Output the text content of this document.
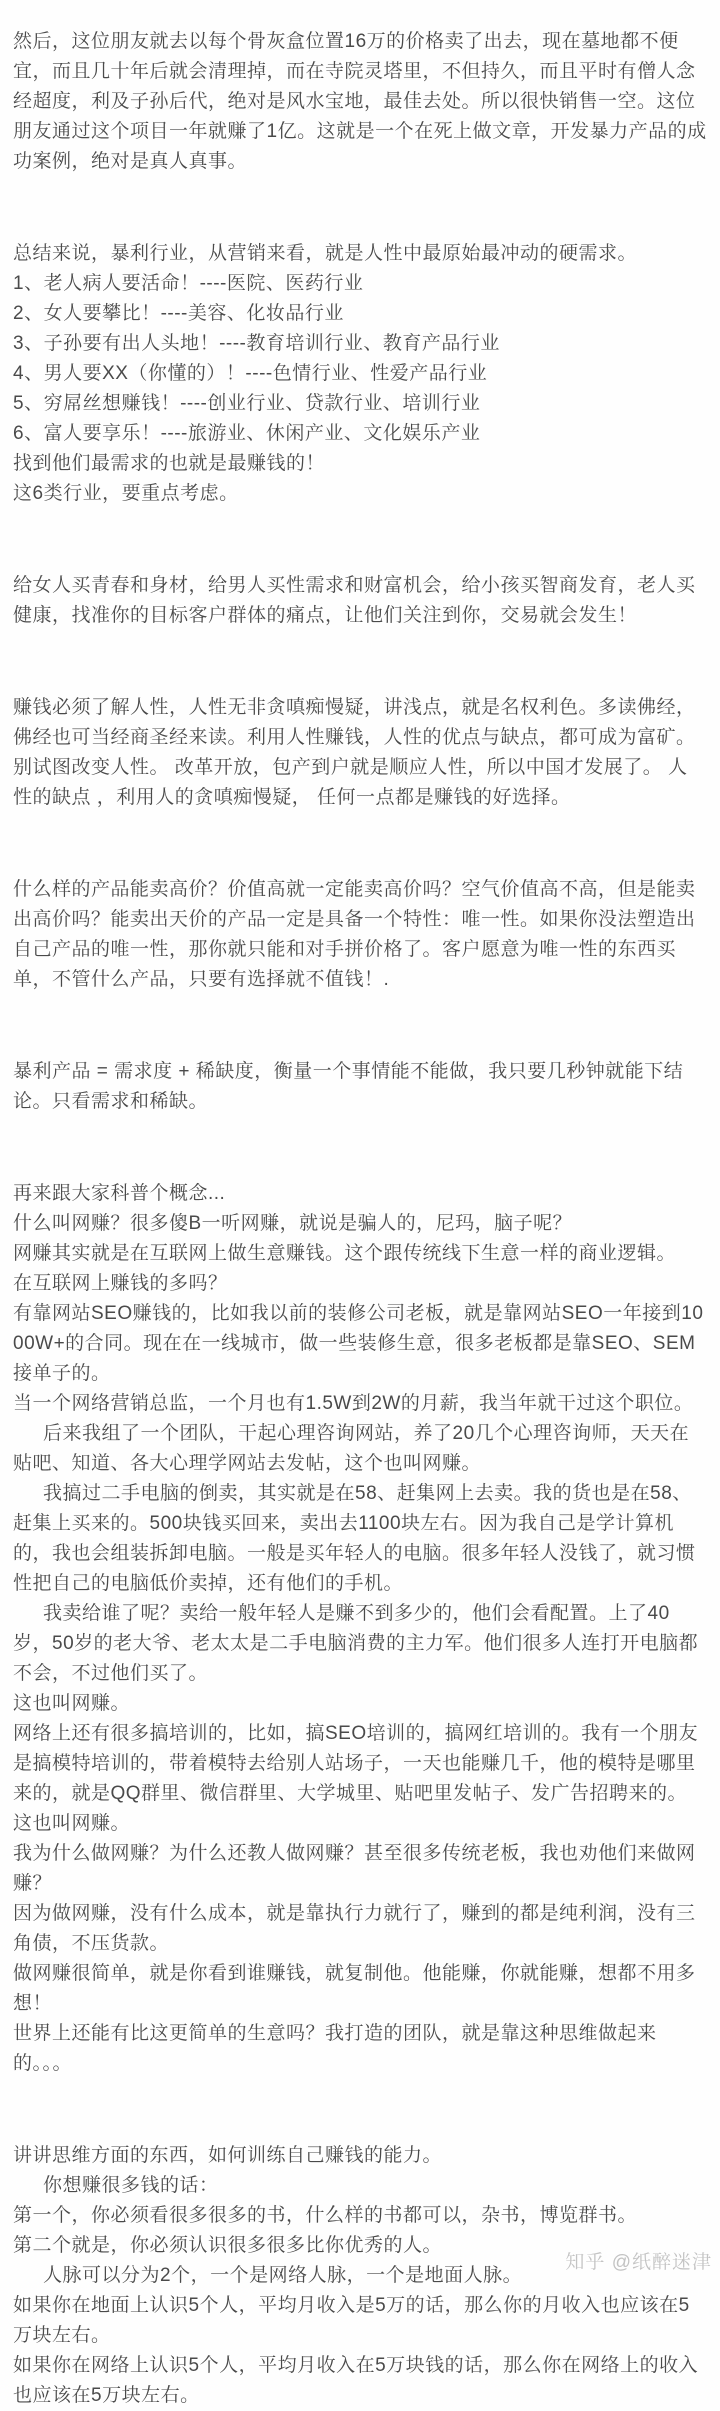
然后，这位朋友就去以每个骨灰盒位置16万的价格卖了出去，现在墓地都不便宜，而且几十年后就会清理掉，而在寺院灵塔里，不但持久，而且平时有僧人念经超度，利及子孙后代，绝对是风水宝地，最佳去处。所以很快销售一空。这位朋友通过这个项目一年就赚了1亿。这就是一个在死上做文章，开发暴力产品的成功案例，绝对是真人真事。

总结来说，暴利行业，从营销来看，就是人性中最原始最冲动的硬需求。

1、老人病人要活命！----医院、医药行业

2、女人要攀比！----美容、化妆品行业

3、子孙要有出人头地！----教育培训行业、教育产品行业

4、男人要XX（你懂的）！----色情行业、性爱产品行业

5、穷屌丝想赚钱！----创业行业、贷款行业、培训行业

6、富人要享乐！----旅游业、休闲产业、文化娱乐产业

找到他们最需求的也就是最赚钱的！

这6类行业，要重点考虑。

给女人买青春和身材，给男人买性需求和财富机会，给小孩买智商发育，老人买健康，找准你的目标客户群体的痛点，让他们关注到你，交易就会发生！

赚钱必须了解人性，人性无非贪嗔痴慢疑，讲浅点，就是名权利色。多读佛经，佛经也可当经商圣经来读。利用人性赚钱，人性的优点与缺点，都可成为富矿。 别试图改变人性。 改革开放，包产到户就是顺应人性，所以中国才发展了。 人性的缺点 ，利用人的贪嗔痴慢疑， 任何一点都是赚钱的好选择。

什么样的产品能卖高价？价值高就一定能卖高价吗？空气价值高不高，但是能卖出高价吗？能卖出天价的产品一定是具备一个特性：唯一性。如果你没法塑造出自己产品的唯一性，那你就只能和对手拼价格了。客户愿意为唯一性的东西买单，不管什么产品，只要有选择就不值钱！.

暴利产品 = 需求度 + 稀缺度，衡量一个事情能不能做，我只要几秒钟就能下结论。只看需求和稀缺。

再来跟大家科普个概念...

什么叫网赚？很多傻B一听网赚，就说是骗人的，尼玛，脑子呢？

网赚其实就是在互联网上做生意赚钱。这个跟传统线下生意一样的商业逻辑。

在互联网上赚钱的多吗？

有靠网站SEO赚钱的，比如我以前的装修公司老板，就是靠网站SEO一年接到1000W+的合同。现在在一线城市，做一些装修生意，很多老板都是靠SEO、SEM接单子的。

当一个网络营销总监，一个月也有1.5W到2W的月薪，我当年就干过这个职位。

后来我组了一个团队，干起心理咨询网站，养了20几个心理咨询师，天天在贴吧、知道、各大心理学网站去发帖，这个也叫网赚。

我搞过二手电脑的倒卖，其实就是在58、赶集网上去卖。我的货也是在58、赶集上买来的。500块钱买回来，卖出去1100块左右。因为我自己是学计算机的，我也会组装拆卸电脑。一般是买年轻人的电脑。很多年轻人没钱了，就习惯性把自己的电脑低价卖掉，还有他们的手机。

我卖给谁了呢？卖给一般年轻人是赚不到多少的，他们会看配置。上了40岁，50岁的老大爷、老太太是二手电脑消费的主力军。他们很多人连打开电脑都不会，不过他们买了。

这也叫网赚。

网络上还有很多搞培训的，比如，搞SEO培训的，搞网红培训的。我有一个朋友是搞模特培训的，带着模特去给别人站场子，一天也能赚几千，他的模特是哪里来的，就是QQ群里、微信群里、大学城里、贴吧里发帖子、发广告招聘来的。

这也叫网赚。

我为什么做网赚？为什么还教人做网赚？甚至很多传统老板，我也劝他们来做网赚？

因为做网赚，没有什么成本，就是靠执行力就行了，赚到的都是纯利润，没有三角债，不压货款。

做网赚很简单，就是你看到谁赚钱，就复制他。他能赚，你就能赚，想都不用多想！

世界上还能有比这更简单的生意吗？我打造的团队，就是靠这种思维做起来的。。。

讲讲思维方面的东西，如何训练自己赚钱的能力。

你想赚很多钱的话：

第一个，你必须看很多很多的书，什么样的书都可以，杂书，博览群书。

第二个就是，你必须认识很多很多比你优秀的人。

人脉可以分为2个，一个是网络人脉，一个是地面人脉。

如果你在地面上认识5个人，平均月收入是5万的话，那么你的月收入也应该在5万块左右。

如果你在网络上认识5个人，平均月收入在5万块钱的话，那么你在网络上的收入也应该在5万块左右。

知乎 @纸醉迷津
